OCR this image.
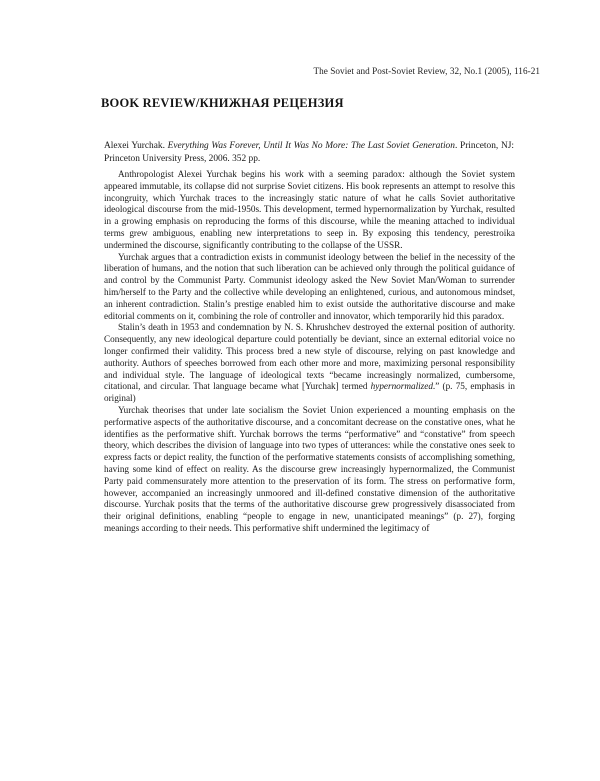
The Soviet and Post-Soviet Review, 32, No.1 (2005), 116-21
BOOK REVIEW/КНИЖНАЯ РЕЦЕНЗИЯ
Alexei Yurchak. Everything Was Forever, Until It Was No More: The Last Soviet Generation. Princeton, NJ: Princeton University Press, 2006. 352 pp.

Anthropologist Alexei Yurchak begins his work with a seeming paradox: although the Soviet system appeared immutable, its collapse did not surprise Soviet citizens. His book represents an attempt to resolve this incongruity, which Yurchak traces to the increasingly static nature of what he calls Soviet authoritative ideological discourse from the mid-1950s. This development, termed hypernormalization by Yurchak, resulted in a growing emphasis on reproducing the forms of this discourse, while the meaning attached to individual terms grew ambiguous, enabling new interpretations to seep in. By exposing this tendency, perestroika undermined the discourse, significantly contributing to the collapse of the USSR.

Yurchak argues that a contradiction exists in communist ideology between the belief in the necessity of the liberation of humans, and the notion that such liberation can be achieved only through the political guidance of and control by the Communist Party. Communist ideology asked the New Soviet Man/Woman to surrender him/herself to the Party and the collective while developing an enlightened, curious, and autonomous mindset, an inherent contradiction. Stalin’s prestige enabled him to exist outside the authoritative discourse and make editorial comments on it, combining the role of controller and innovator, which temporarily hid this paradox.

Stalin’s death in 1953 and condemnation by N. S. Khrushchev destroyed the external position of authority. Consequently, any new ideological departure could potentially be deviant, since an external editorial voice no longer confirmed their validity. This process bred a new style of discourse, relying on past knowledge and authority. Authors of speeches borrowed from each other more and more, maximizing personal responsibility and individual style. The language of ideological texts “became increasingly normalized, cumbersome, citational, and circular. That language became what [Yurchak] termed hypernormalized.” (p. 75, emphasis in original)

Yurchak theorises that under late socialism the Soviet Union experienced a mounting emphasis on the performative aspects of the authoritative discourse, and a concomitant decrease on the constative ones, what he identifies as the performative shift. Yurchak borrows the terms “performative” and “constative” from speech theory, which describes the division of language into two types of utterances: while the constative ones seek to express facts or depict reality, the function of the performative statements consists of accomplishing something, having some kind of effect on reality. As the discourse grew increasingly hypernormalized, the Communist Party paid commensurately more attention to the preservation of its form. The stress on performative form, however, accompanied an increasingly unmoored and ill-defined constative dimension of the authoritative discourse. Yurchak posits that the terms of the authoritative discourse grew progressively disassociated from their original definitions, enabling “people to engage in new, unanticipated meanings” (p. 27), forging meanings according to their needs. This performative shift undermined the legitimacy of
